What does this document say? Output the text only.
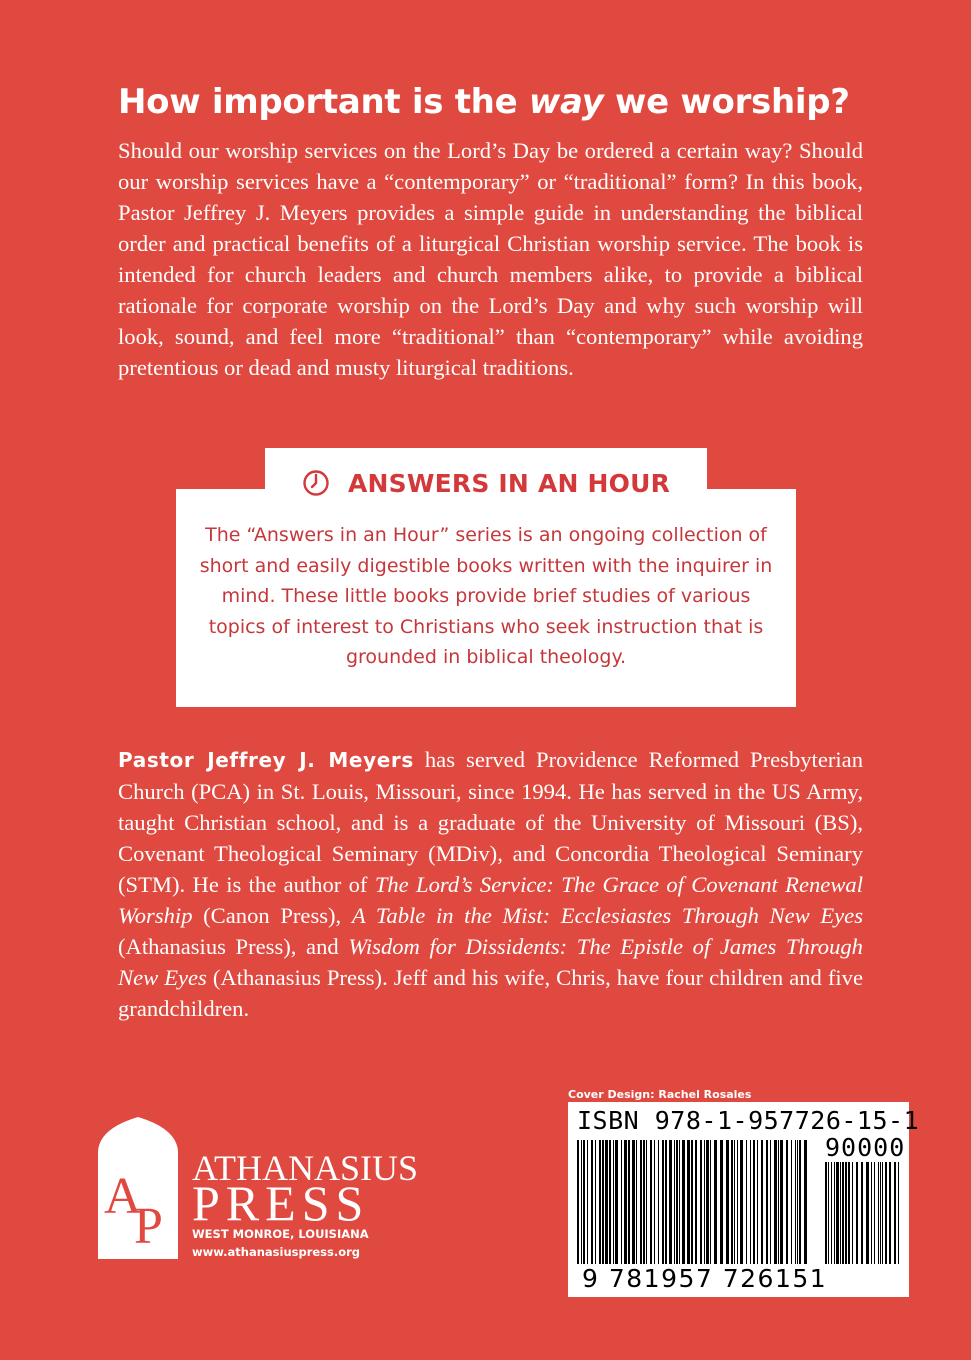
How important is the way we worship?

Should our worship services on the Lord’s Day be ordered a certain way? Should our worship services have a “contemporary” or “traditional” form? In this book, Pastor Jeffrey J. Meyers provides a simple guide in understanding the biblical order and practical benefits of a liturgical Christian worship service. The book is intended for church leaders and church members alike, to provide a biblical rationale for corporate worship on the Lord’s Day and why such worship will look, sound, and feel more “traditional” than “contemporary” while avoiding pretentious or dead and musty liturgical traditions.

ANSWERS IN AN HOUR

The “Answers in an Hour” series is an ongoing collection of short and easily digestible books written with the inquirer in mind. These little books provide brief studies of various topics of interest to Christians who seek instruction that is grounded in biblical theology.

Pastor Jeffrey J. Meyers has served Providence Reformed Presbyterian Church (PCA) in St. Louis, Missouri, since 1994. He has served in the US Army, taught Christian school, and is a graduate of the University of Missouri (BS), Covenant Theological Seminary (MDiv), and Concordia Theological Seminary (STM). He is the author of The Lord’s Service: The Grace of Covenant Renewal Worship (Canon Press), A Table in the Mist: Ecclesiastes Through New Eyes (Athanasius Press), and Wisdom for Dissidents: The Epistle of James Through New Eyes (Athanasius Press). Jeff and his wife, Chris, have four children and five grandchildren.

A
P
ATHANASIUS
PRESS
WEST MONROE, LOUISIANA
www.athanasiuspress.org
Cover Design: Rachel Rosales
ISBN 978-1-957726-15-1
90000
9 781957 726151
